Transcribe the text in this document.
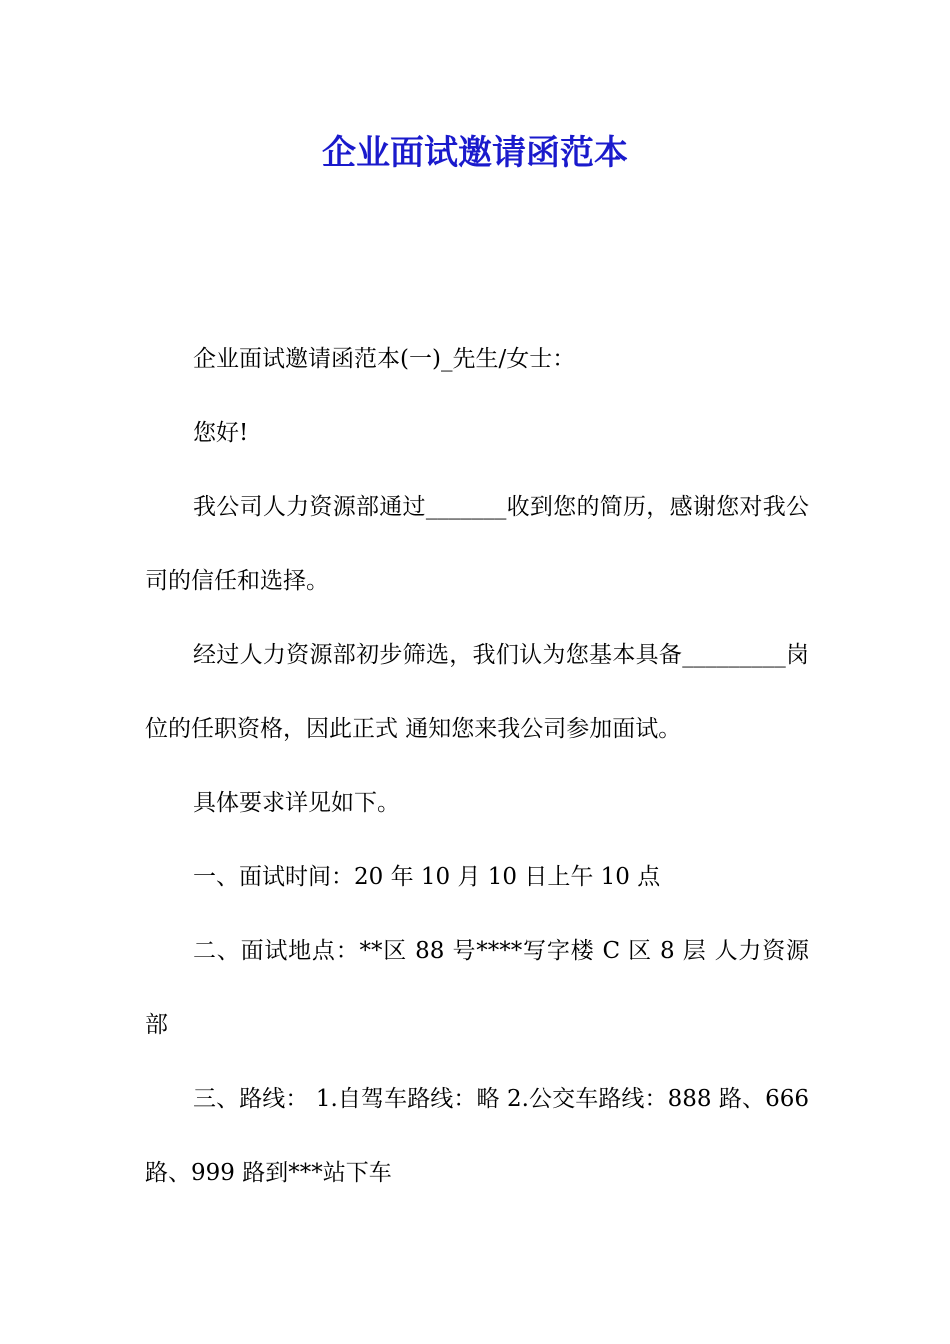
企业面试邀请函范本

企业面试邀请函范本(一)_先生/女士：

您好!

我公司人力资源部通过_______收到您的简历，感谢您对我公司的信任和选择。

经过人力资源部初步筛选，我们认为您基本具备_________岗位的任职资格，因此正式 通知您来我公司参加面试。

具体要求详见如下。

一、面试时间：20 年 10 月 10 日上午 10 点

二、面试地点：**区 88 号****写字楼 C 区 8 层 人力资源部

三、路线： 1.自驾车路线：略 2.公交车路线：888 路、666 路、999 路到***站下车
